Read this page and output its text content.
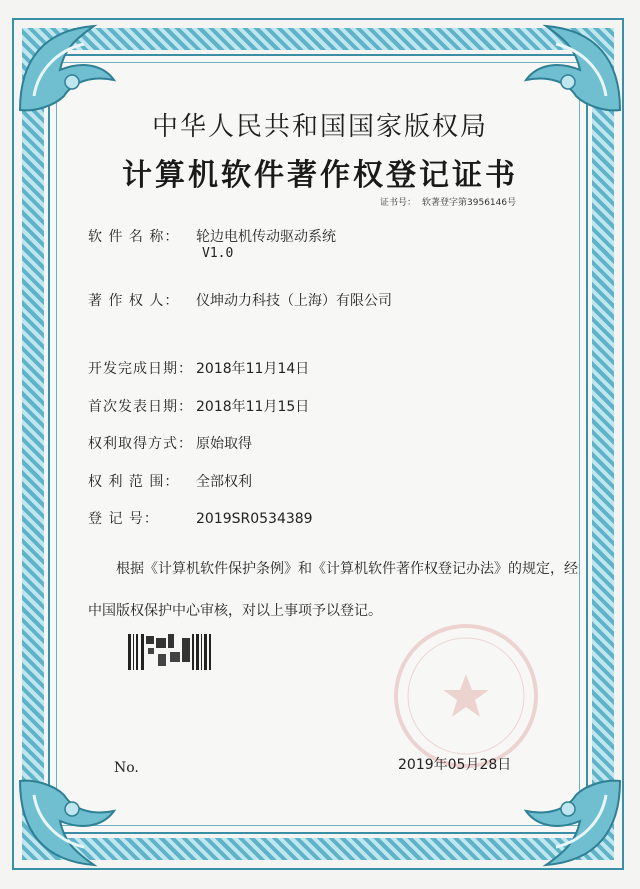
中华人民共和国国家版权局
计算机软件著作权登记证书
证书号： 软著登字第3956146号
软 件 名 称： 轮边电机传动驱动系统
V1.0
著 作 权 人： 仪坤动力科技（上海）有限公司
开发完成日期： 2018年11月14日
首次发表日期： 2018年11月15日
权利取得方式： 原始取得
权 利 范 围： 全部权利
登 记 号：	2019SR0534389
根据《计算机软件保护条例》和《计算机软件著作权登记办法》的规定，经中国版权保护中心审核，对以上事项予以登记。
No.	2019年05月28日
